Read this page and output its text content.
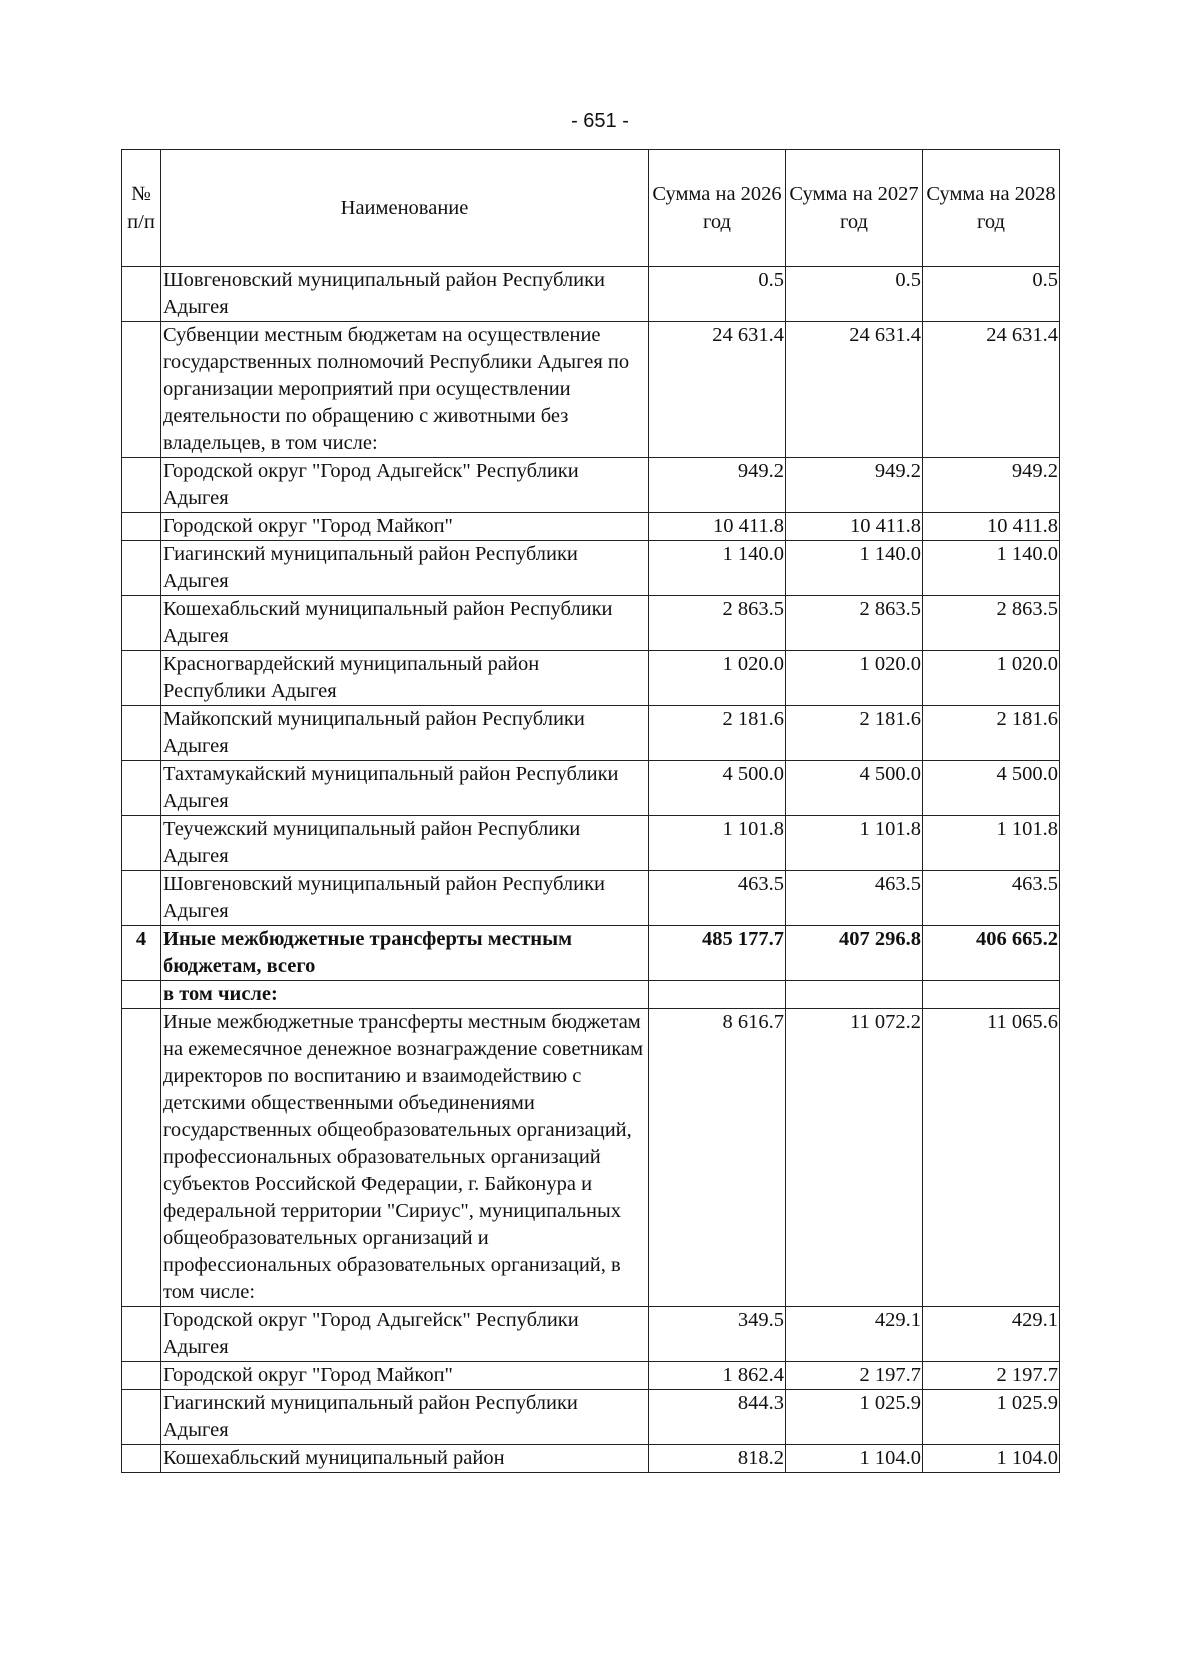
- 651 -
№ п/п	Наименование	Сумма на 2026 год	Сумма на 2027 год	Сумма на 2028 год
	Шовгеновский муниципальный район Республики Адыгея	0.5	0.5	0.5
	Субвенции местным бюджетам на осуществление государственных полномочий Республики Адыгея по организации мероприятий при осуществлении деятельности по обращению с животными без владельцев, в том числе:	24 631.4	24 631.4	24 631.4
	Городской округ "Город Адыгейск" Республики Адыгея	949.2	949.2	949.2
	Городской округ "Город Майкоп"	10 411.8	10 411.8	10 411.8
	Гиагинский муниципальный район Республики Адыгея	1 140.0	1 140.0	1 140.0
	Кошехабльский муниципальный район Республики Адыгея	2 863.5	2 863.5	2 863.5
	Красногвардейский муниципальный район Республики Адыгея	1 020.0	1 020.0	1 020.0
	Майкопский муниципальный район Республики Адыгея	2 181.6	2 181.6	2 181.6
	Тахтамукайский муниципальный район Республики Адыгея	4 500.0	4 500.0	4 500.0
	Теучежский муниципальный район Республики Адыгея	1 101.8	1 101.8	1 101.8
	Шовгеновский муниципальный район Республики Адыгея	463.5	463.5	463.5
4	Иные межбюджетные трансферты местным бюджетам, всего	485 177.7	407 296.8	406 665.2
	в том числе:			
	Иные межбюджетные трансферты местным бюджетам на ежемесячное денежное вознаграждение советникам директоров по воспитанию и взаимодействию с детскими общественными объединениями государственных общеобразовательных организаций, профессиональных образовательных организаций субъектов Российской Федерации, г. Байконура и федеральной территории "Сириус", муниципальных общеобразовательных организаций и профессиональных образовательных организаций, в том числе:	8 616.7	11 072.2	11 065.6
	Городской округ "Город Адыгейск" Республики Адыгея	349.5	429.1	429.1
	Городской округ "Город Майкоп"	1 862.4	2 197.7	2 197.7
	Гиагинский муниципальный район Республики Адыгея	844.3	1 025.9	1 025.9
	Кошехабльский муниципальный район	818.2	1 104.0	1 104.0
